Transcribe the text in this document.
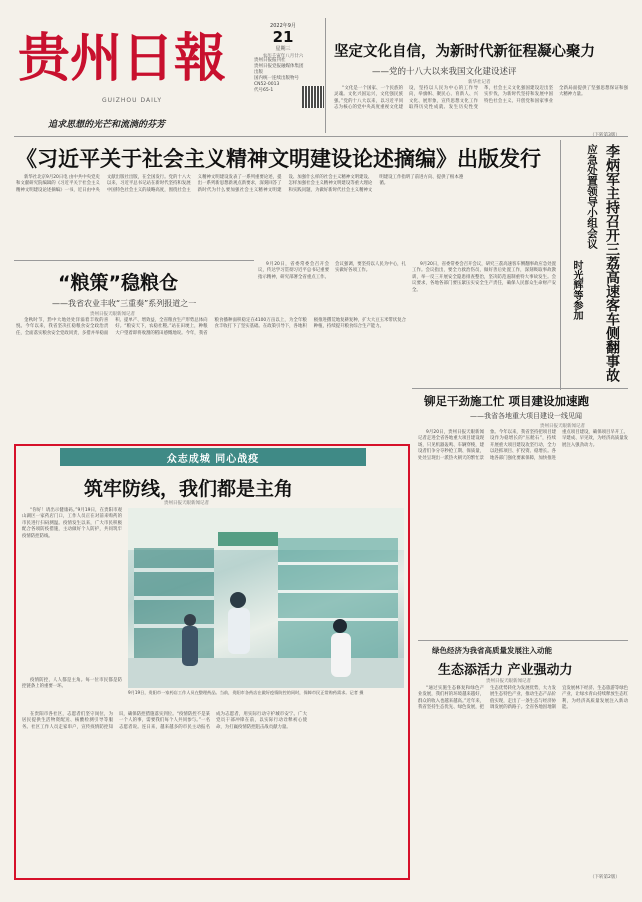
贵州日報
GUIZHOU DAILY
追求思想的光芒和流淌的芬芳
2022年9月
21
星期三
农历壬寅年八月廿六
贵州日报报刊社
贵州日报党报融媒体集团
出版
国内统一连续出版物号
CN52-0013
代号65-1
坚定文化自信，为新时代新征程凝心聚力
——党的十八大以来我国文化建设述评
新华社记者

“文化是一个国家、一个民族的灵魂。文化兴国运兴，文化强民族强。”党的十八大以来，以习近平同志为核心的党中央高度重视文化建设，坚持以人民为中心的工作导向，举旗帜、聚民心、育新人、兴文化、展形象，宣传思想文化工作取得历史性成就、发生历史性变革，社会主义文化强国建设迈出坚实步伐，为新时代坚持和发展中国特色社会主义、开创党和国家事业全新局面提供了坚强思想保证和强大精神力量。

《习近平关于社会主义精神文明建设论述摘编》出版发行

新华社北京9月20日电 由中共中央党史和文献研究院编辑的《习近平关于社会主义精神文明建设论述摘编》一书，近日由中央文献出版社出版，在全国发行。党的十八大以来，习近平总书记站在新时代坚持和发展中国特色社会主义的战略高度，围绕社会主义精神文明建设发表了一系列重要论述，提出一系列新思想新观点新要求，深刻回答了新时代为什么要加强社会主义精神文明建设、加强什么样的社会主义精神文明建设、怎样加强社会主义精神文明建设等重大理论和实践问题，为做好新时代社会主义精神文明建设工作指明了前进方向、提供了根本遵循。	应急处置领导小组会议 李炳军主持召开三荔高速客车侧翻事故
时光辉等参加
“粮策”稳粮仓
——我省农业丰收“三重奏”系列报道之一
贵州日报天眼新闻记者

金秋时节，黔中大地处处洋溢着丰收的喜悦。今年以来，我省坚决扛稳粮食安全政治责任，全面落实粮食安全党政同责，多措并举稳面积、提单产、增效益，全省粮食生产形势总体向好。“粮安天下，农稳社稷。”站在田埂上，种粮大户望着即将收割的稻田感慨地说。今年，我省粮食播种面积稳定在4100万亩以上，为全年粮食丰收打下了坚实基础。在政策引导下，各地积极推进撂荒地复耕复种，扩大大豆玉米带状复合种植，持续提升粮食综合生产能力。

9月20日，省委常委会召开会议，传达学习贯彻习近平总书记重要指示精神，研究部署全省重点工作。会议强调，要坚持以人民为中心，扎实做好各项工作。

9月20日，省委常委会召开会议，研究三荔高速客车侧翻事故应急处置工作。会议指出，要全力救治伤员，做好善后处置工作，深刻吸取事故教训，举一反三开展安全隐患排查整治，坚决防范遏制重特大事故发生。会议要求，各地各部门要压紧压实安全生产责任，确保人民群众生命财产安全。

铆足干劲施工忙 项目建设加速跑
——我省各地重大项目建设一线见闻
贵州日报天眼新闻记者

9月20日，贵州日报天眼新闻记者走进全省各地重大项目建设现场，只见机器轰鸣、车辆穿梭，建设者们争分夺秒抢工期、保质量，处处呈现出一派热火朝天的繁忙景象。今年以来，我省坚持把项目建设作为稳增长的“压舱石”，持续开展重大项目建设攻坚行动，全力以赴抓项目、扩投资、稳增长。各地各部门强化要素保障，加快推进重点项目建设，确保项目早开工、早建成、早见效，为经济高质量发展注入强劲动力。

众志成城 同心战疫
筑牢防线，我们都是主角
贵州日报天眼新闻记者

“你好！请出示健康码。”9月19日，在贵阳市观山湖区一家药店门口，工作人员正在对前来购药的市民进行扫码测温。疫情发生以来，广大市民积极配合各项防疫措施，主动做好个人防护，共同筑牢疫情防控防线。

9月19日，贵阳市一家药店工作人员在整理药品。当前，贵阳市各药店在做好疫情防控的同时，保障市民正常购药需求。记者 摄

在贵阳市各社区，志愿者们坚守岗位，为居民提供生活物资配送、核酸检测引导等服务。社区工作人员走家串户，宣传疫情防控知识，确保防控措施落实到位。“疫情防控不是某一个人的事，需要我们每个人共同参与。”一名志愿者说。连日来，越来越多的市民主动报名成为志愿者，用实际行动守护城市安宁。广大党员干部冲锋在前，以实际行动诠释初心使命，为打赢疫情防控阻击战贡献力量。

疫情防控，人人都是主角。每一位市民都是防控链条上的重要一环。

绿色经济为我省高质量发展注入动能
生态添活力 产业强动力
贵州日报天眼新闻记者

“通过实施生态修复和绿色产业发展，我们村的环境越来越好，群众的收入也越来越高。”近年来，我省坚持生态优先、绿色发展，把生态优势转化为发展优势，大力发展生态特色产业，推动生态产品价值实现，走出了一条生态与经济协调发展的新路子。全省各地因地制宜发展林下经济、生态旅游等绿色产业，让绿水青山持续释放生态红利，为经济高质量发展注入新动能。

（下转第2版）
